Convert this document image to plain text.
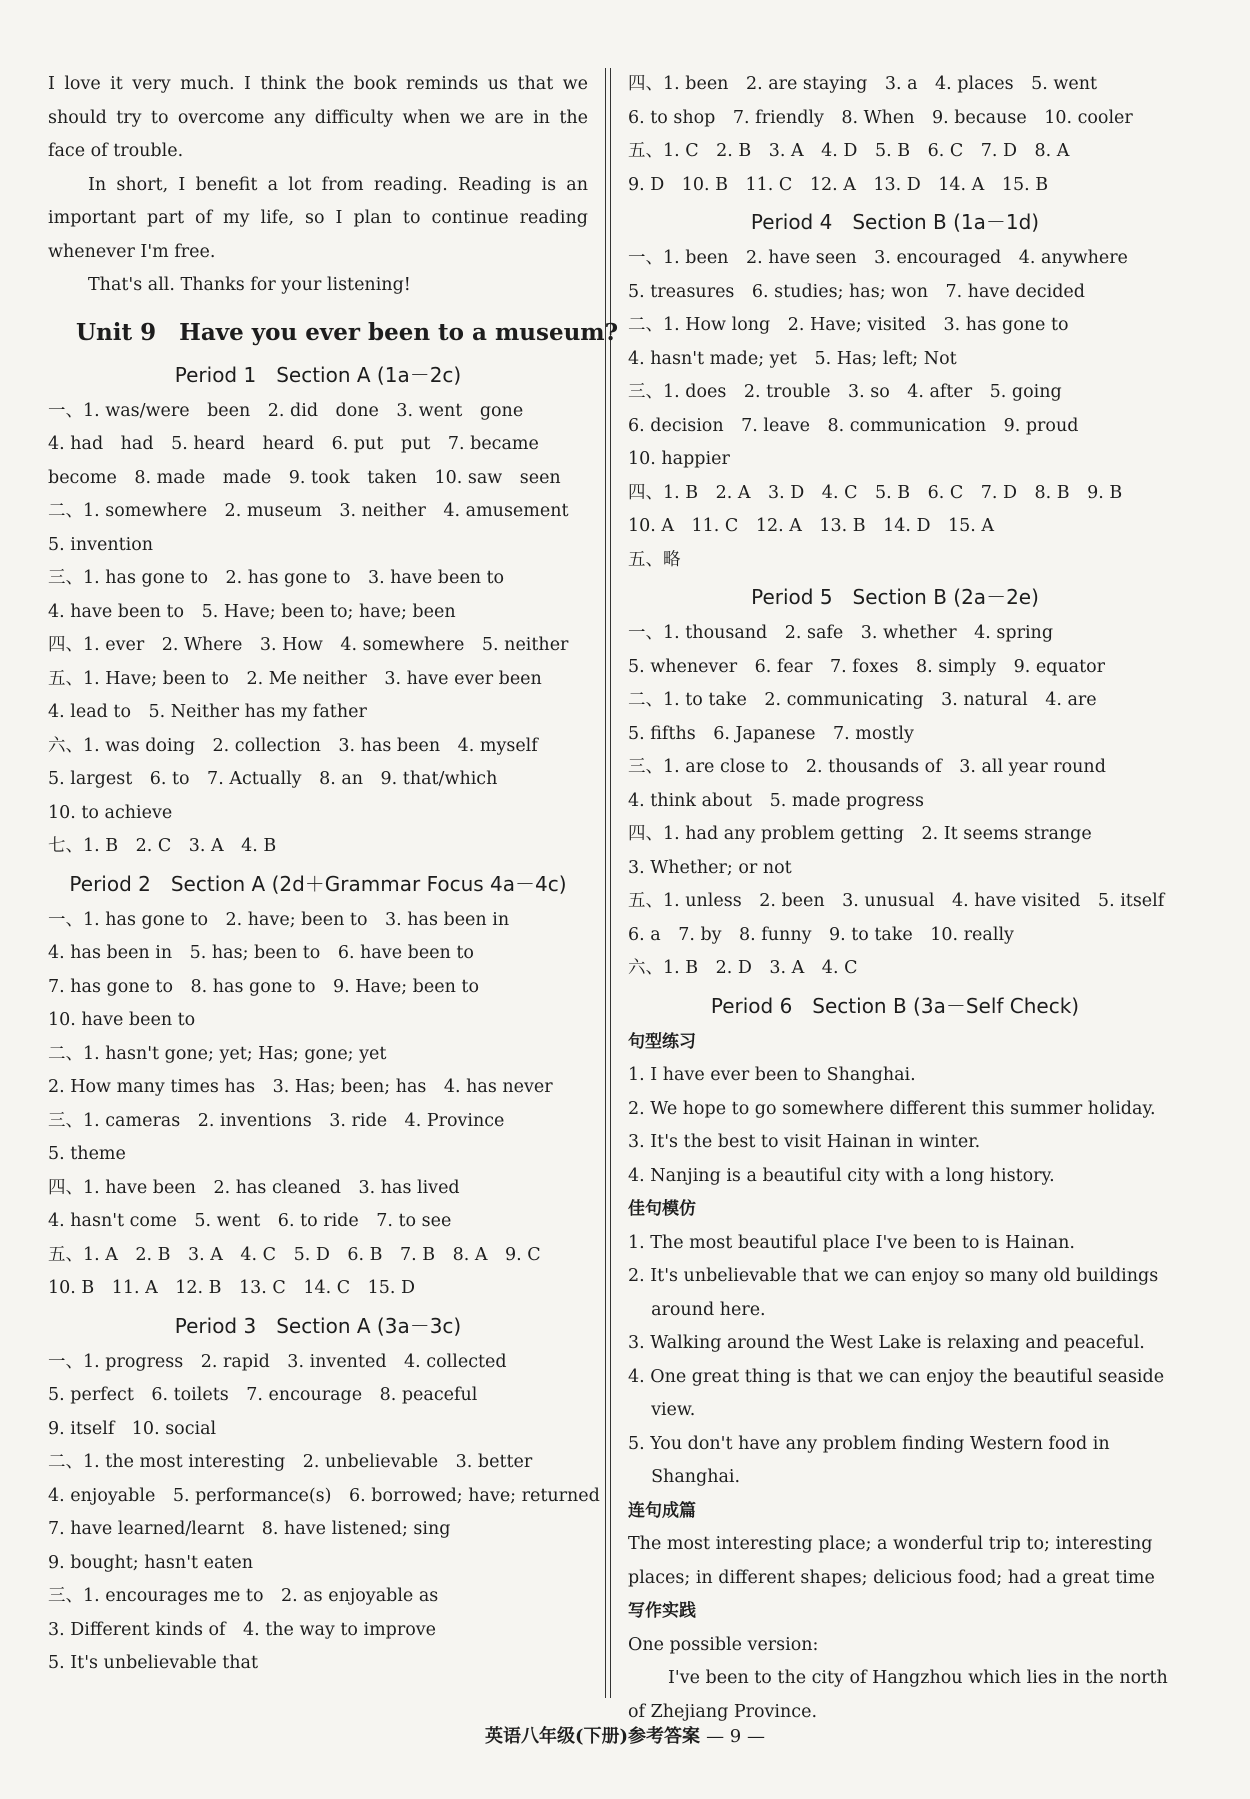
I love it very much. I think the book reminds us that we should try to overcome any difficulty when we are in the face of trouble.
In short, I benefit a lot from reading. Reading is an important part of my life, so I plan to continue reading whenever I'm free.
That's all. Thanks for your listening!
Unit 9　Have you ever been to a museum?
Period 1　Section A (1a－2c)
一、1. was/were　been　2. did　done　3. went　gone
4. had　had　5. heard　heard　6. put　put　7. became
become　8. made　made　9. took　taken　10. saw　seen
二、1. somewhere　2. museum　3. neither　4. amusement
5. invention
三、1. has gone to　2. has gone to　3. have been to
4. have been to　5. Have; been to; have; been
四、1. ever　2. Where　3. How　4. somewhere　5. neither
五、1. Have; been to　2. Me neither　3. have ever been
4. lead to　5. Neither has my father
六、1. was doing　2. collection　3. has been　4. myself
5. largest　6. to　7. Actually　8. an　9. that/which
10. to achieve
七、1. B　2. C　3. A　4. B
Period 2　Section A (2d＋Grammar Focus 4a－4c)
一、1. has gone to　2. have; been to　3. has been in
4. has been in　5. has; been to　6. have been to
7. has gone to　8. has gone to　9. Have; been to
10. have been to
二、1. hasn't gone; yet; Has; gone; yet
2. How many times has　3. Has; been; has　4. has never
三、1. cameras　2. inventions　3. ride　4. Province
5. theme
四、1. have been　2. has cleaned　3. has lived
4. hasn't come　5. went　6. to ride　7. to see
五、1. A　2. B　3. A　4. C　5. D　6. B　7. B　8. A　9. C
10. B　11. A　12. B　13. C　14. C　15. D
Period 3　Section A (3a－3c)
一、1. progress　2. rapid　3. invented　4. collected
5. perfect　6. toilets　7. encourage　8. peaceful
9. itself　10. social
二、1. the most interesting　2. unbelievable　3. better
4. enjoyable　5. performance(s)　6. borrowed; have; returned
7. have learned/learnt　8. have listened; sing
9. bought; hasn't eaten
三、1. encourages me to　2. as enjoyable as
3. Different kinds of　4. the way to improve
5. It's unbelievable that
四、1. been　2. are staying　3. a　4. places　5. went
6. to shop　7. friendly　8. When　9. because　10. cooler
五、1. C　2. B　3. A　4. D　5. B　6. C　7. D　8. A
9. D　10. B　11. C　12. A　13. D　14. A　15. B
Period 4　Section B (1a－1d)
一、1. been　2. have seen　3. encouraged　4. anywhere
5. treasures　6. studies; has; won　7. have decided
二、1. How long　2. Have; visited　3. has gone to
4. hasn't made; yet　5. Has; left; Not
三、1. does　2. trouble　3. so　4. after　5. going
6. decision　7. leave　8. communication　9. proud
10. happier
四、1. B　2. A　3. D　4. C　5. B　6. C　7. D　8. B　9. B
10. A　11. C　12. A　13. B　14. D　15. A
五、略
Period 5　Section B (2a－2e)
一、1. thousand　2. safe　3. whether　4. spring
5. whenever　6. fear　7. foxes　8. simply　9. equator
二、1. to take　2. communicating　3. natural　4. are
5. fifths　6. Japanese　7. mostly
三、1. are close to　2. thousands of　3. all year round
4. think about　5. made progress
四、1. had any problem getting　2. It seems strange
3. Whether; or not
五、1. unless　2. been　3. unusual　4. have visited　5. itself
6. a　7. by　8. funny　9. to take　10. really
六、1. B　2. D　3. A　4. C
Period 6　Section B (3a－Self Check)
句型练习
1. I have ever been to Shanghai.
2. We hope to go somewhere different this summer holiday.
3. It's the best to visit Hainan in winter.
4. Nanjing is a beautiful city with a long history.
佳句模仿
1. The most beautiful place I've been to is Hainan.
2. It's unbelievable that we can enjoy so many old buildings
　 around here.
3. Walking around the West Lake is relaxing and peaceful.
4. One great thing is that we can enjoy the beautiful seaside
　 view.
5. You don't have any problem finding Western food in
　 Shanghai.
连句成篇
The most interesting place; a wonderful trip to; interesting
places; in different shapes; delicious food; had a great time
写作实践
One possible version:
I've been to the city of Hangzhou which lies in the north
of Zhejiang Province.
英语八年级(下册)参考答案 — 9 —
